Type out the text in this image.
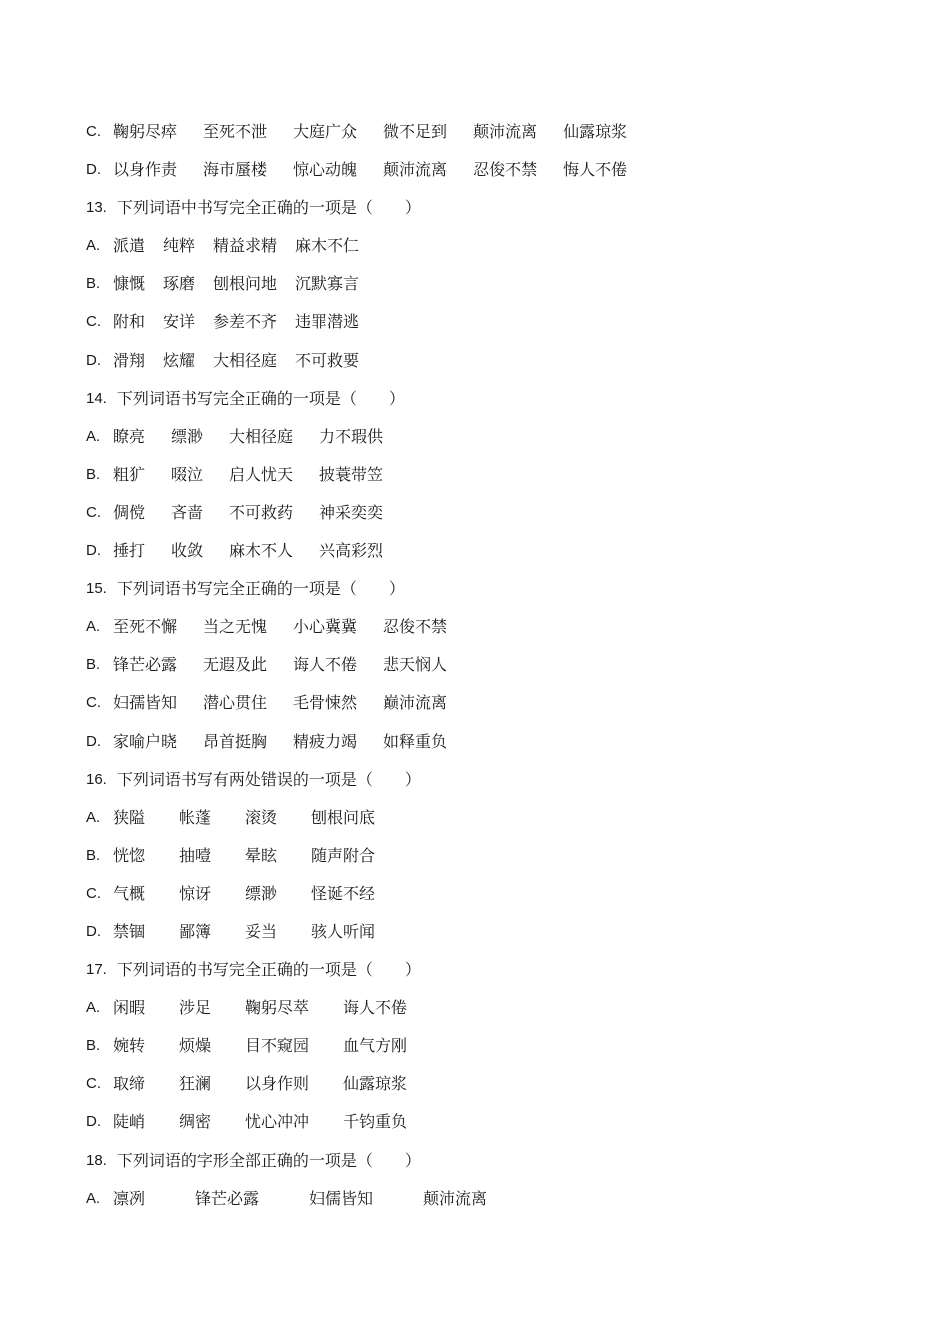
C. 鞠躬尽瘁 至死不泄 大庭广众 微不足到 颠沛流离 仙露琼浆
D. 以身作责 海市蜃楼 惊心动魄 颠沛流离 忍俊不禁 悔人不倦
13. 下列词语中书写完全正确的一项是（　　）
A. 派遣 纯粹 精益求精 麻木不仁
B. 慷慨 琢磨 刨根问地 沉默寡言
C. 附和 安详 参差不齐 违罪潜逃
D. 滑翔 炫耀 大相径庭 不可救要
14. 下列词语书写完全正确的一项是（　　）
A. 瞭亮 缥渺 大相径庭 力不瑕供
B. 粗犷 啜泣 启人忧天 披蓑带笠
C. 倜傥 吝啬 不可救药 神采奕奕
D. 捶打 收敛 麻木不人 兴高彩烈
15. 下列词语书写完全正确的一项是（　　）
A. 至死不懈 当之无愧 小心冀冀 忍俊不禁
B. 锋芒必露 无遐及此 诲人不倦 悲天悯人
C. 妇孺皆知 潜心贯住 毛骨悚然 巅沛流离
D. 家喻户晓 昂首挺胸 精疲力竭 如释重负
16. 下列词语书写有两处错误的一项是（　　）
A. 狭隘 帐蓬 滚烫 刨根问底
B. 恍惚 抽噎 晕眩 随声附合
C. 气概 惊讶 缥渺 怪诞不经
D. 禁锢 鄙簿 妥当 骇人听闻
17. 下列词语的书写完全正确的一项是（　　）
A. 闲暇 涉足 鞠躬尽萃 诲人不倦
B. 婉转 烦燥 目不窥园 血气方刚
C. 取缔 狂澜 以身作则 仙露琼浆
D. 陡峭 绸密 忧心冲冲 千钧重负
18. 下列词语的字形全部正确的一项是（　　）
A. 凛冽	锋芒必露	妇儒皆知	颠沛流离
